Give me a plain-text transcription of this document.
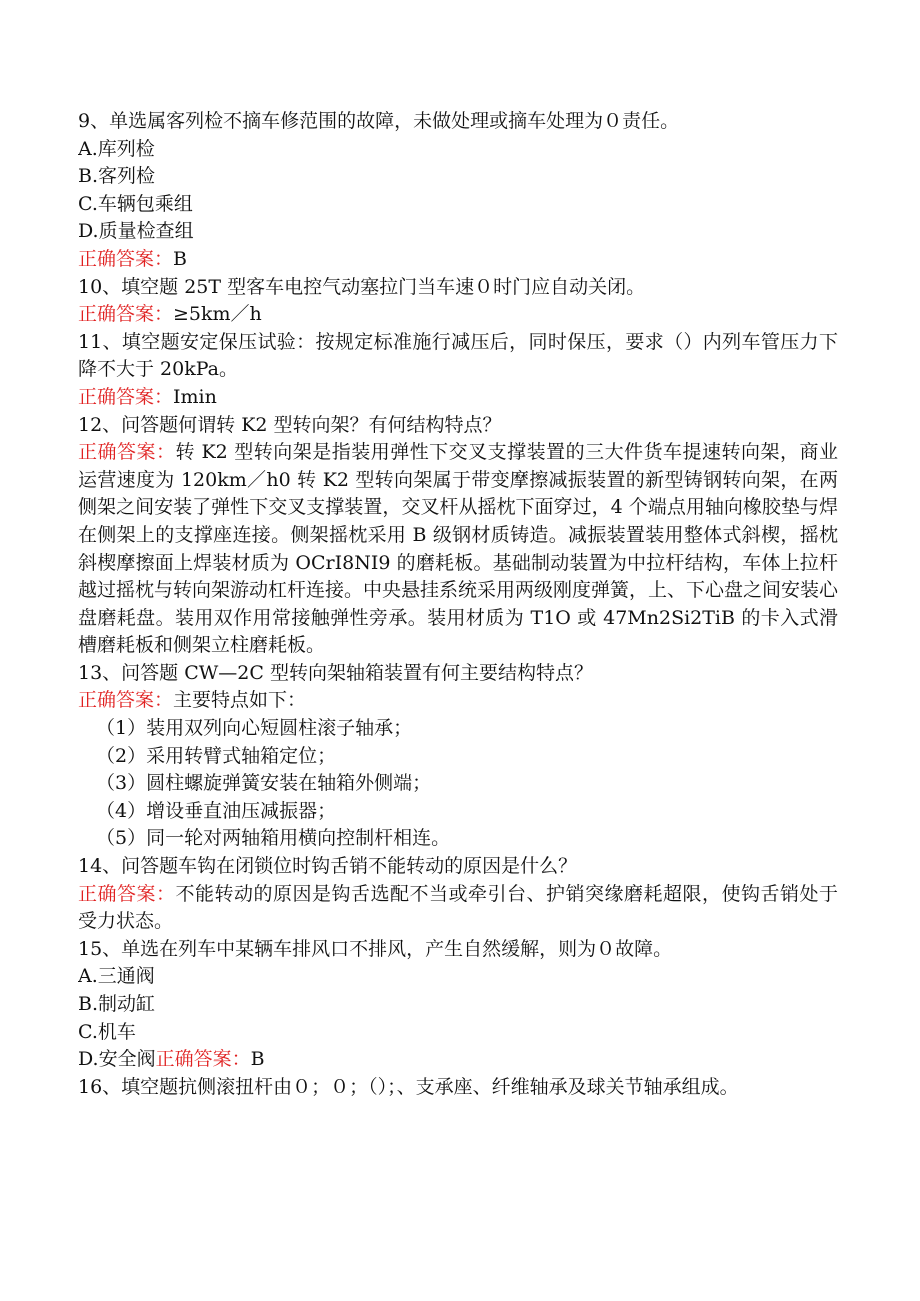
9、单选属客列检不摘车修范围的故障，未做处理或摘车处理为０责任。
A.库列检
B.客列检
C.车辆包乘组
D.质量检查组
正确答案：B
10、填空题 25T 型客车电控气动塞拉门当车速０时门应自动关闭。
正确答案：≥5km／h
11、填空题安定保压试验：按规定标准施行减压后，同时保压，要求（）内列车管压力下降不大于 20kPa。
正确答案：Imin
12、问答题何谓转 K2 型转向架？有何结构特点？
正确答案：转 K2 型转向架是指装用弹性下交叉支撑装置的三大件货车提速转向架，商业运营速度为 120km／h0 转 K2 型转向架属于带变摩擦减振装置的新型铸钢转向架，在两侧架之间安装了弹性下交叉支撑装置，交叉杆从摇枕下面穿过，4 个端点用轴向橡胶垫与焊在侧架上的支撑座连接。侧架摇枕采用 B 级钢材质铸造。减振装置装用整体式斜楔，摇枕斜楔摩擦面上焊装材质为 OCrI8NI9 的磨耗板。基础制动装置为中拉杆结构，车体上拉杆越过摇枕与转向架游动杠杆连接。中央悬挂系统采用两级刚度弹簧，上、下心盘之间安装心盘磨耗盘。装用双作用常接触弹性旁承。装用材质为 T1O 或 47Mn2Si2TiB 的卡入式滑槽磨耗板和侧架立柱磨耗板。
13、问答题 CW—2C 型转向架轴箱装置有何主要结构特点？
正确答案：主要特点如下：
（1）装用双列向心短圆柱滚子轴承；
（2）采用转臂式轴箱定位；
（3）圆柱螺旋弹簧安装在轴箱外侧端；
（4）增设垂直油压减振器；
（5）同一轮对两轴箱用横向控制杆相连。
14、问答题车钩在闭锁位时钩舌销不能转动的原因是什么？
正确答案：不能转动的原因是钩舌选配不当或牵引台、护销突缘磨耗超限，使钩舌销处于受力状态。
15、单选在列车中某辆车排风口不排风，产生自然缓解，则为０故障。
A.三通阀
B.制动缸
C.机车
D.安全阀正确答案：B
16、填空题抗侧滚扭杆由０；０；（）；、支承座、纤维轴承及球关节轴承组成。
